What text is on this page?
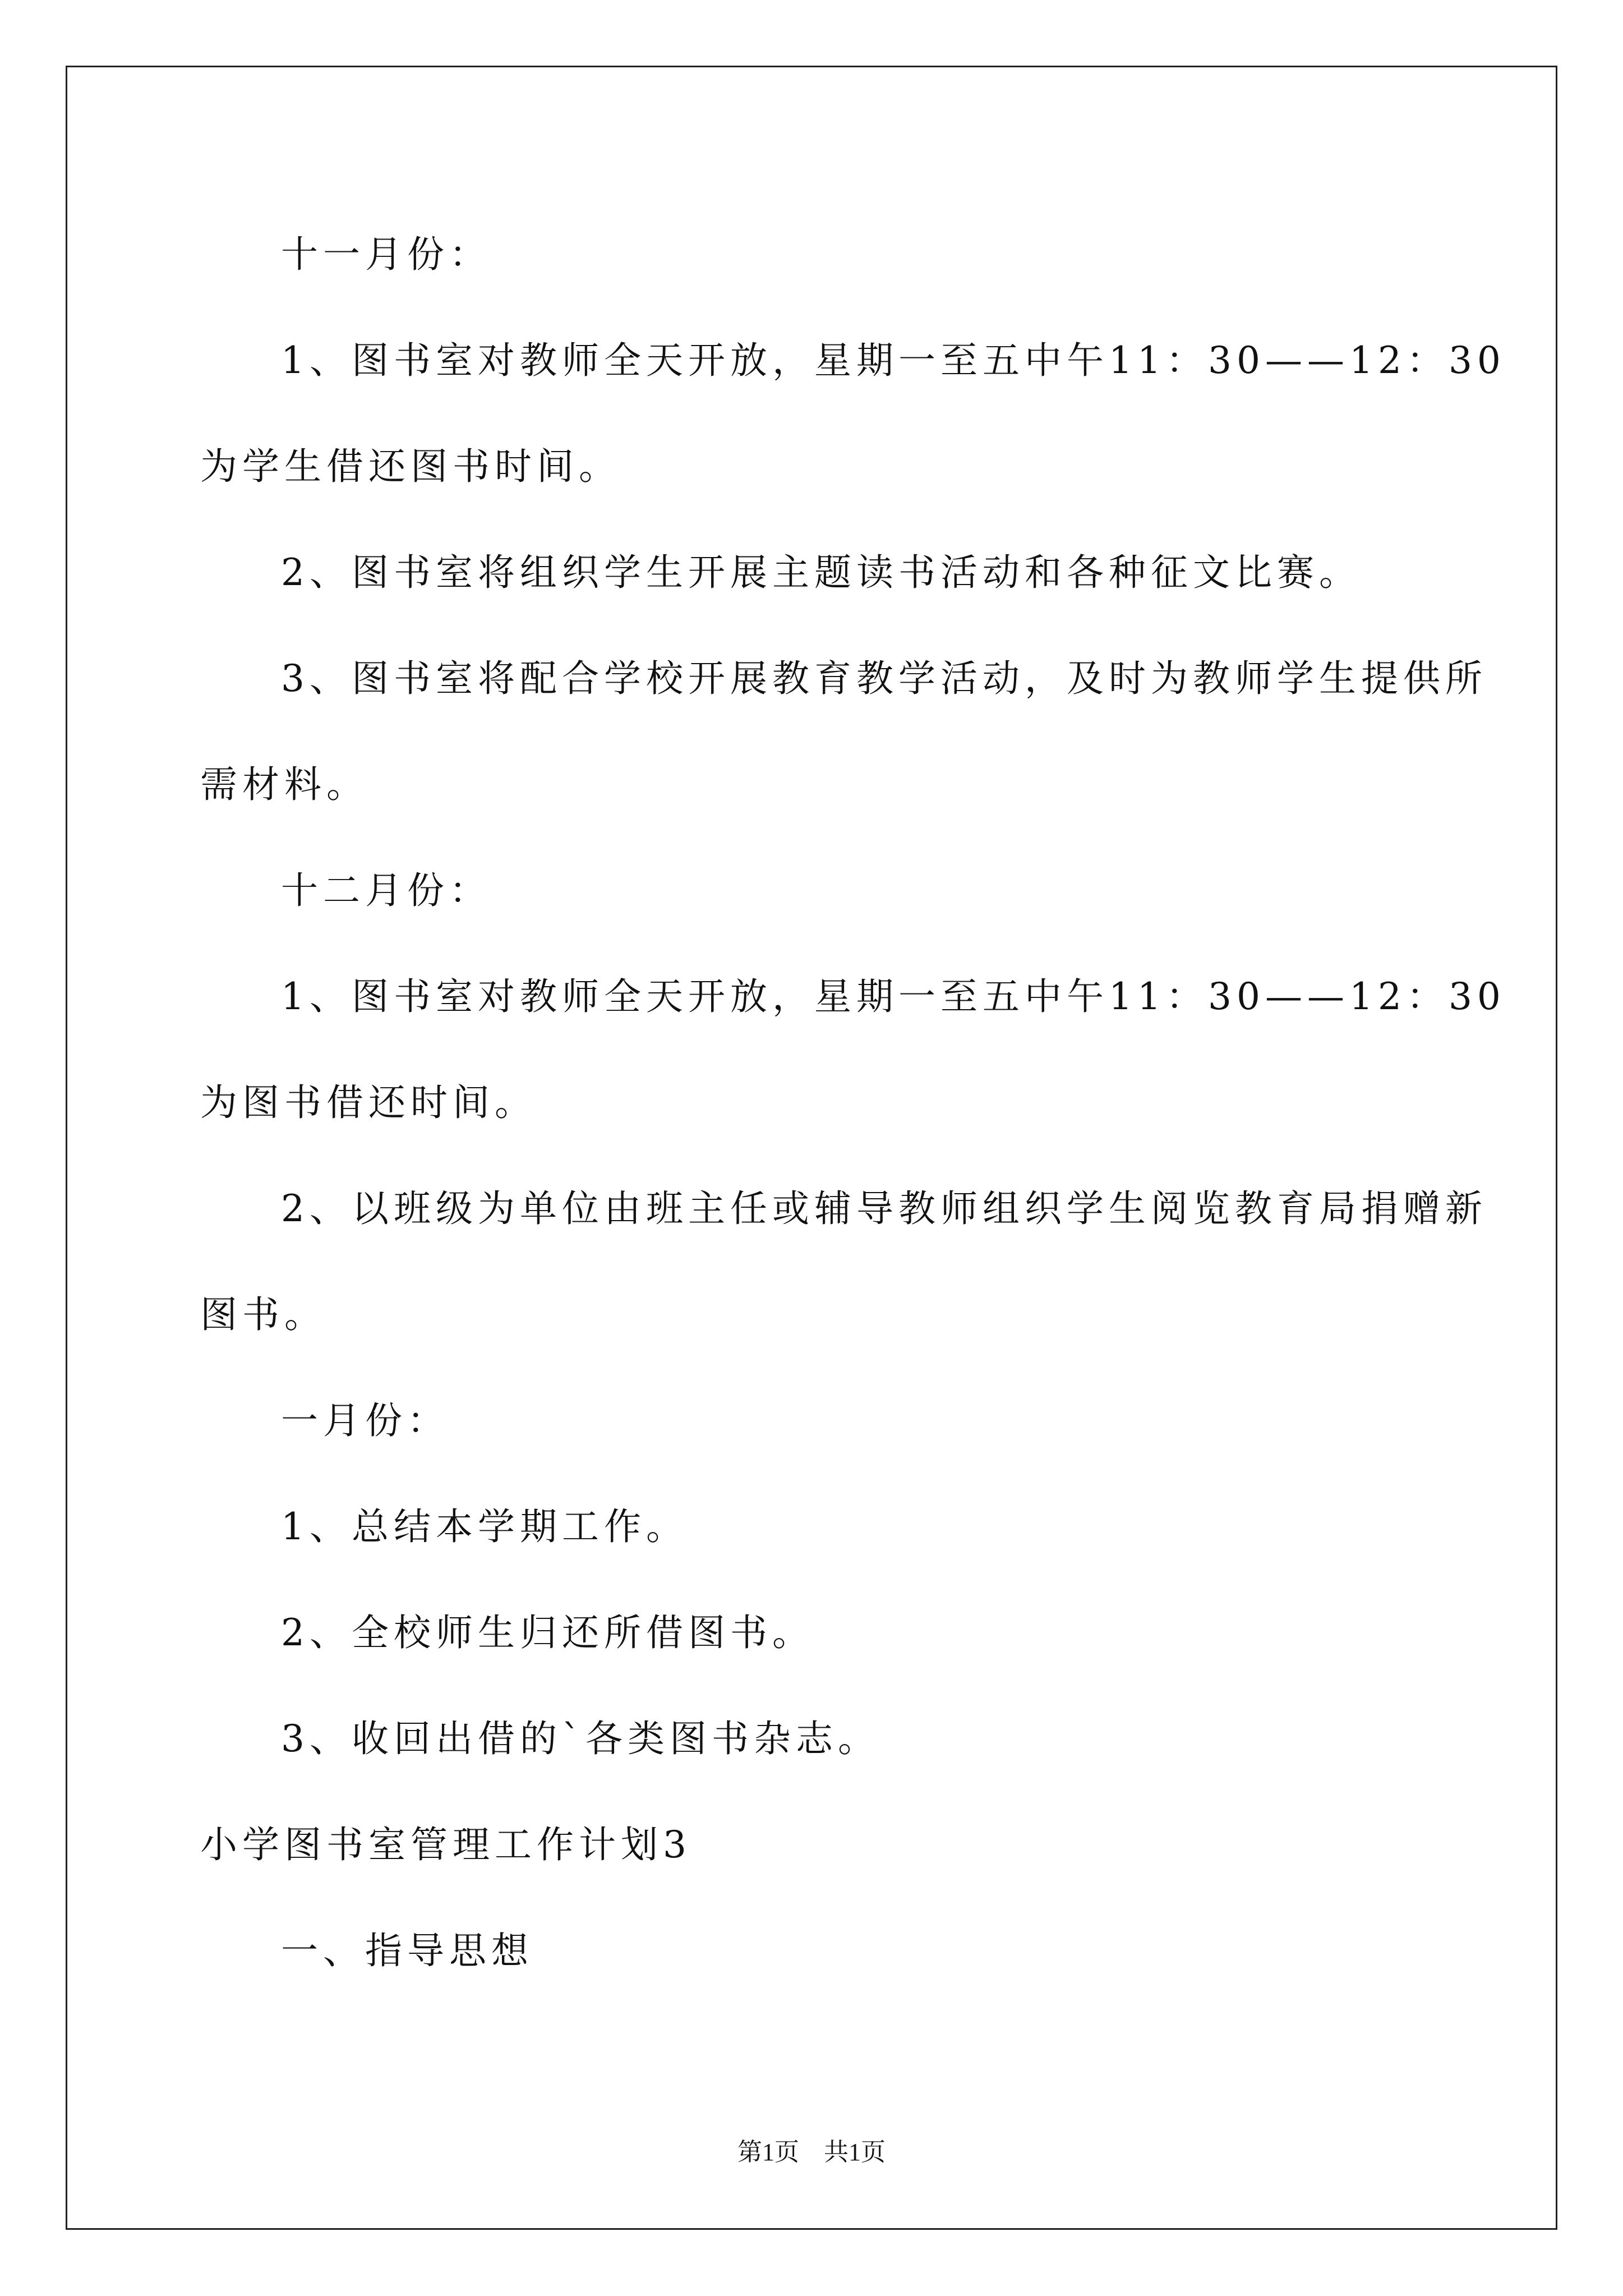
十一月份：
1、图书室对教师全天开放，星期一至五中午11：30——12：30
为学生借还图书时间。
2、图书室将组织学生开展主题读书活动和各种征文比赛。
3、图书室将配合学校开展教育教学活动，及时为教师学生提供所
需材料。
十二月份：
1、图书室对教师全天开放，星期一至五中午11：30——12：30
为图书借还时间。
2、以班级为单位由班主任或辅导教师组织学生阅览教育局捐赠新
图书。
一月份：
1、总结本学期工作。
2、全校师生归还所借图书。
3、收回出借的`各类图书杂志。
小学图书室管理工作计划3
一、指导思想
第1页　共1页
